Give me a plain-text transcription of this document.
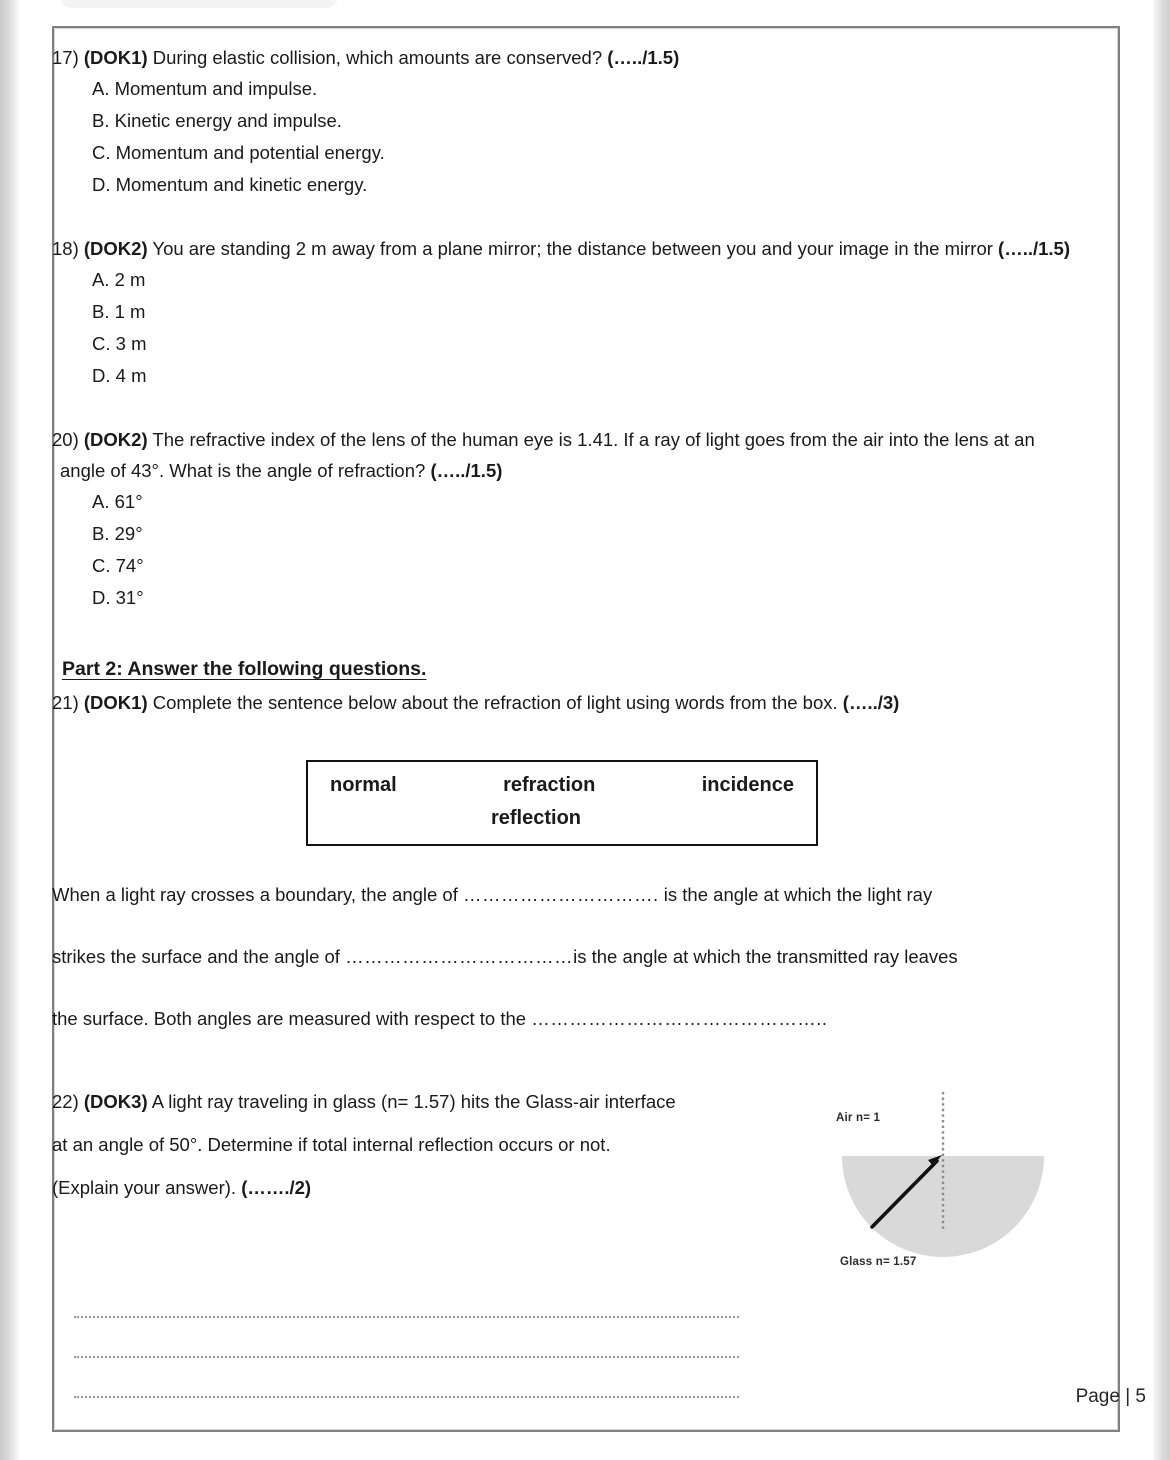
17) (DOK1) During elastic collision, which amounts are conserved? (…../1.5)

A. Momentum and impulse.
B. Kinetic energy and impulse.
C. Momentum and potential energy.
D. Momentum and kinetic energy.

18) (DOK2) You are standing 2 m away from a plane mirror; the distance between you and your image in the mirror (…../1.5)

A. 2 m
B. 1 m
C. 3 m
D. 4 m

20) (DOK2) The refractive index of the lens of the human eye is 1.41. If a ray of light goes from the air into the lens at an angle of 43°. What is the angle of refraction? (…../1.5)

A. 61°
B. 29°
C. 74°
D. 31°
Part 2: Answer the following questions.

21) (DOK1) Complete the sentence below about the refraction of light using words from the box. (…../3)

normal	refraction	incidence
reflection

When a light ray crosses a boundary, the angle of …………………………. is the angle at which the light ray

strikes the surface and the angle of ………………………………is the angle at which the transmitted ray leaves

the surface. Both angles are measured with respect to the ………………………………………..

22) (DOK3) A light ray traveling in glass (n= 1.57) hits the Glass-air interface

at an angle of 50°. Determine if total internal reflection occurs or not.

(Explain your answer). (……./2)

Air n= 1
Glass n= 1.57
Page | 5
